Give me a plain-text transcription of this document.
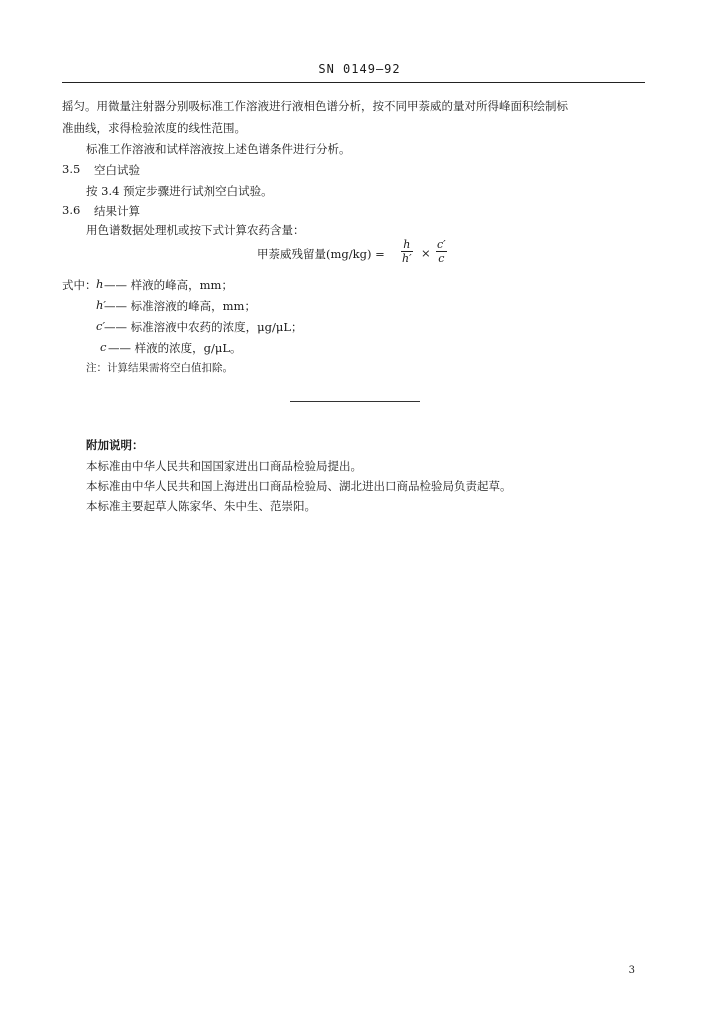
SN 0149—92
摇匀。用微量注射器分别吸标准工作溶液进行液相色谱分析，按不同甲萘威的量对所得峰面积绘制标
准曲线，求得检验浓度的线性范围。
标准工作溶液和试样溶液按上述色谱条件进行分析。
3.5 空白试验
按 3.4 预定步骤进行试剂空白试验。
3.6 结果计算
用色谱数据处理机或按下式计算农药含量：
甲萘威残留量$(mg/kg) = \frac{h}{h'} \times \frac{c'}{c}$
式中： h —— 样液的峰高，mm；
h′
—— 标准溶液的峰高，mm；
c′
—— 标准溶液中农药的浓度，μg/μL；
c —— 样液的浓度，g/μL。
注：计算结果需将空白值扣除。
附加说明：
本标准由中华人民共和国国家进出口商品检验局提出。
本标准由中华人民共和国上海进出口商品检验局、湖北进出口商品检验局负责起草。
本标准主要起草人陈家华、朱中生、范崇阳。
3
